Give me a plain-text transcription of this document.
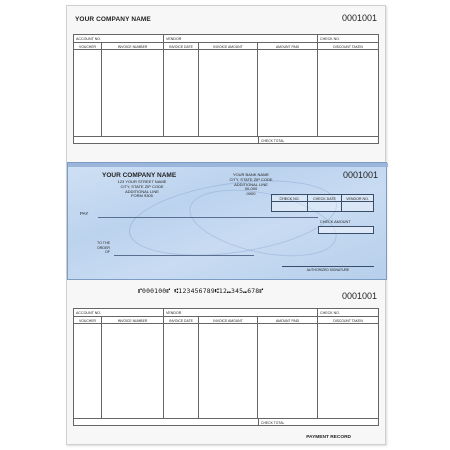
YOUR COMPANY NAME	0001001
ACCOUNT NO.	VENDOR	CHECK NO.
VOUCHER	INVOICE NUMBER	INVOICE DATE	INVOICE AMOUNT	AMOUNT PAID	DISCOUNT TAKEN
CHECK TOTAL
YOUR COMPANY NAME
123 YOUR STREET NAME
CITY, STATE ZIP CODE
ADDITIONAL LINE
FORM 9305
YOUR BANK NAME
CITY, STATE ZIP CODE
ADDITIONAL LINE
00-000
0000
0001001
CHECK NO.	CHECK DATE	VENDOR NO.
CHECK AMOUNT
PAY
TO THE
ORDER
OF
AUTHORIZED SIGNATURE
⑈000100⑈ ⑆123456789⑆12⑉345⑉678⑈	0001001
ACCOUNT NO.	VENDOR	CHECK NO.
VOUCHER	INVOICE NUMBER	INVOICE DATE	INVOICE AMOUNT	AMOUNT PAID	DISCOUNT TAKEN
CHECK TOTAL
PAYMENT RECORD
